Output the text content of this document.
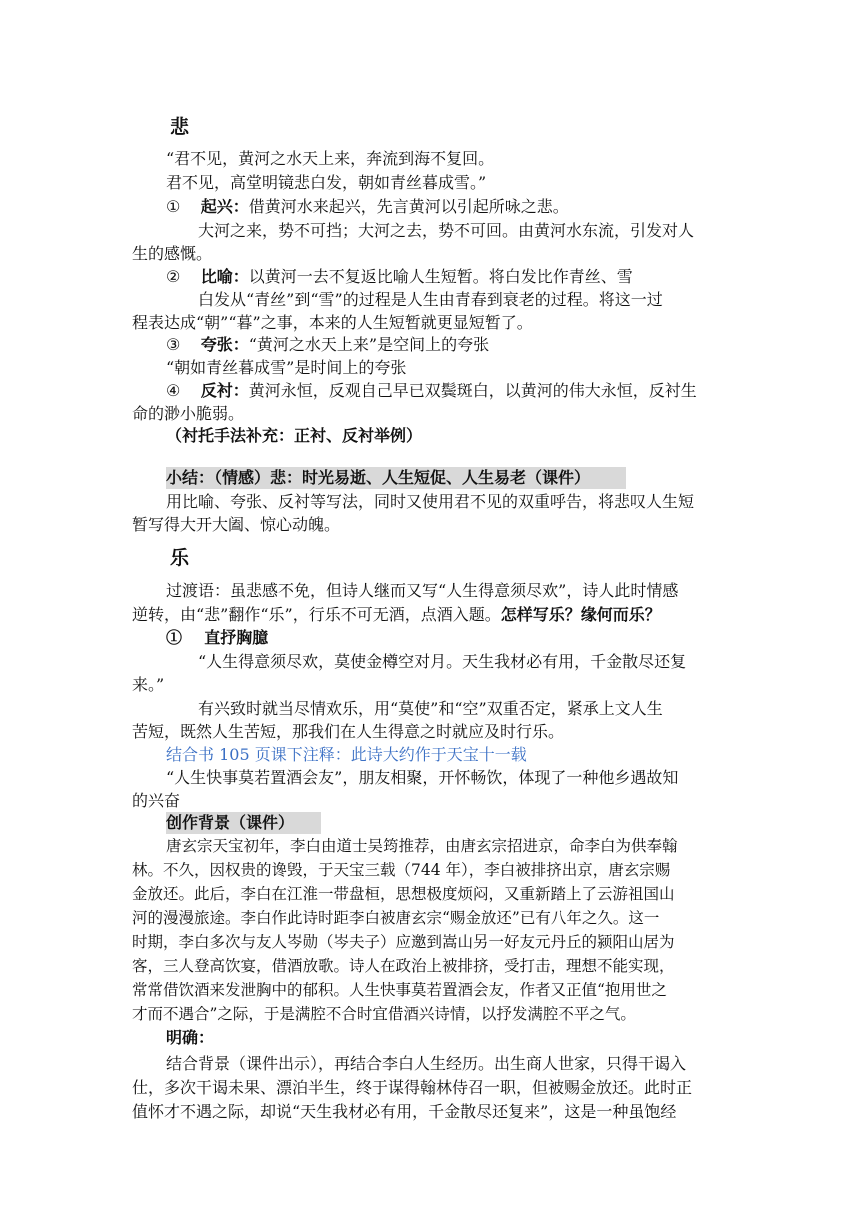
悲
“君不见，黄河之水天上来，奔流到海不复回。
君不见，高堂明镜悲白发，朝如青丝暮成雪。”
① 起兴：借黄河水来起兴，先言黄河以引起所咏之悲。
大河之来，势不可挡；大河之去，势不可回。由黄河水东流，引发对人
生的感慨。
② 比喻：以黄河一去不复返比喻人生短暂。将白发比作青丝、雪
白发从“青丝”到“雪”的过程是人生由青春到衰老的过程。将这一过
程表达成“朝”“暮”之事，本来的人生短暂就更显短暂了。
③ 夸张：“黄河之水天上来”是空间上的夸张
“朝如青丝暮成雪”是时间上的夸张
④ 反衬：黄河永恒，反观自己早已双鬓斑白，以黄河的伟大永恒，反衬生
命的渺小脆弱。
（衬托手法补充：正衬、反衬举例）
小结：（情感）悲：时光易逝、人生短促、人生易老（课件）
用比喻、夸张、反衬等写法，同时又使用君不见的双重呼告，将悲叹人生短
暂写得大开大阖、惊心动魄。
乐
过渡语：虽悲感不免，但诗人继而又写“人生得意须尽欢”，诗人此时情感
逆转，由“悲”翻作“乐”，行乐不可无酒，点酒入题。怎样写乐？缘何而乐？
① 直抒胸臆
“人生得意须尽欢，莫使金樽空对月。天生我材必有用，千金散尽还复
来。”
有兴致时就当尽情欢乐，用“莫使”和“空”双重否定，紧承上文人生
苦短，既然人生苦短，那我们在人生得意之时就应及时行乐。
结合书 105 页课下注释：此诗大约作于天宝十一载
“人生快事莫若置酒会友”，朋友相聚，开怀畅饮，体现了一种他乡遇故知
的兴奋
创作背景（课件）
唐玄宗天宝初年，李白由道士吴筠推荐，由唐玄宗招进京，命李白为供奉翰
林。不久，因权贵的谗毁，于天宝三载（744 年），李白被排挤出京，唐玄宗赐
金放还。此后，李白在江淮一带盘桓，思想极度烦闷，又重新踏上了云游祖国山
河的漫漫旅途。李白作此诗时距李白被唐玄宗“赐金放还”已有八年之久。这一
时期，李白多次与友人岑勋（岑夫子）应邀到嵩山另一好友元丹丘的颍阳山居为
客，三人登高饮宴，借酒放歌。诗人在政治上被排挤，受打击，理想不能实现，
常常借饮酒来发泄胸中的郁积。人生快事莫若置酒会友，作者又正值“抱用世之
才而不遇合”之际，于是满腔不合时宜借酒兴诗情，以抒发满腔不平之气。
明确：
结合背景（课件出示），再结合李白人生经历。出生商人世家，只得干谒入
仕，多次干谒未果、漂泊半生，终于谋得翰林侍召一职，但被赐金放还。此时正
值怀才不遇之际，却说“天生我材必有用，千金散尽还复来”，这是一种虽饱经
